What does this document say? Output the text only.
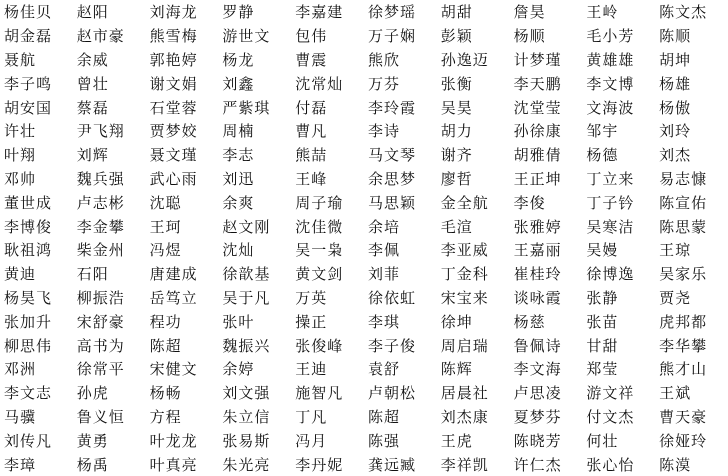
杨佳贝	赵阳	刘海龙	罗静	李嘉建	徐梦瑶	胡甜	詹昊	王岭	陈文杰
胡金磊	赵市豪	熊雪梅	游世文	包伟	万子娴	彭颖	杨顺	毛小芳	陈顺
聂航	余威	郭艳婷	杨龙	曹震	熊欣	孙逸迈	计梦瑾	黄雄雄	胡坤
李子鸣	曾壮	谢文娟	刘鑫	沈常灿	万芬	张衡	李天鹏	李文博	杨雄
胡安国	蔡磊	石堂蓉	严紫琪	付磊	李玲霞	吴昊	沈堂莹	文海波	杨傲
许壮	尹飞翔	贾梦姣	周楠	曹凡	李诗	胡力	孙徐康	邹宇	刘玲
叶翔	刘辉	聂文瑾	李志	熊喆	马文琴	谢齐	胡雅倩	杨德	刘杰
邓帅	魏兵强	武心雨	刘迅	王峰	余思梦	廖哲	王正坤	丁立来	易志慷
董世成	卢志彬	沈聪	余爽	周子瑜	马思颖	金全航	李俊	丁子钤	陈宣佑
李博俊	李金攀	王珂	赵文刚	沈佳微	余培	毛渲	张雅婷	吴寒洁	陈思蒙
耿祖鸿	柴金州	冯煜	沈灿	吴一枭	李佩	李亚威	王嘉丽	吴嫚	王琼
黄迪	石阳	唐建成	徐歆基	黄文剑	刘菲	丁金科	崔桂玲	徐博逸	吴家乐
杨昊飞	柳振浩	岳笃立	吴于凡	万英	徐依虹	宋宝来	谈咏霞	张静	贾尧
张加升	宋舒豪	程功	张叶	操正	李琪	徐坤	杨慈	张苗	虎邦都
柳思伟	高书为	陈超	魏振兴	张俊峰	李子俊	周启瑞	鲁佩诗	甘甜	李华攀
邓洲	徐常平	宋健文	余婷	王迪	袁舒	陈辉	李文海	郑莹	熊才山
李文志	孙虎	杨畅	刘文强	施智凡	卢朝松	居晨社	卢思凌	游文祥	王斌
马骥	鲁义恒	方程	朱立信	丁凡	陈超	刘杰康	夏梦芬	付文杰	曹天豪
刘传凡	黄勇	叶龙龙	张易斯	冯月	陈强	王虎	陈晓芳	何壮	徐娅玲
李璋	杨禹	叶真亮	朱光亮	李丹妮	龚远臧	李祥凯	许仁杰	张心怡	陈漠
